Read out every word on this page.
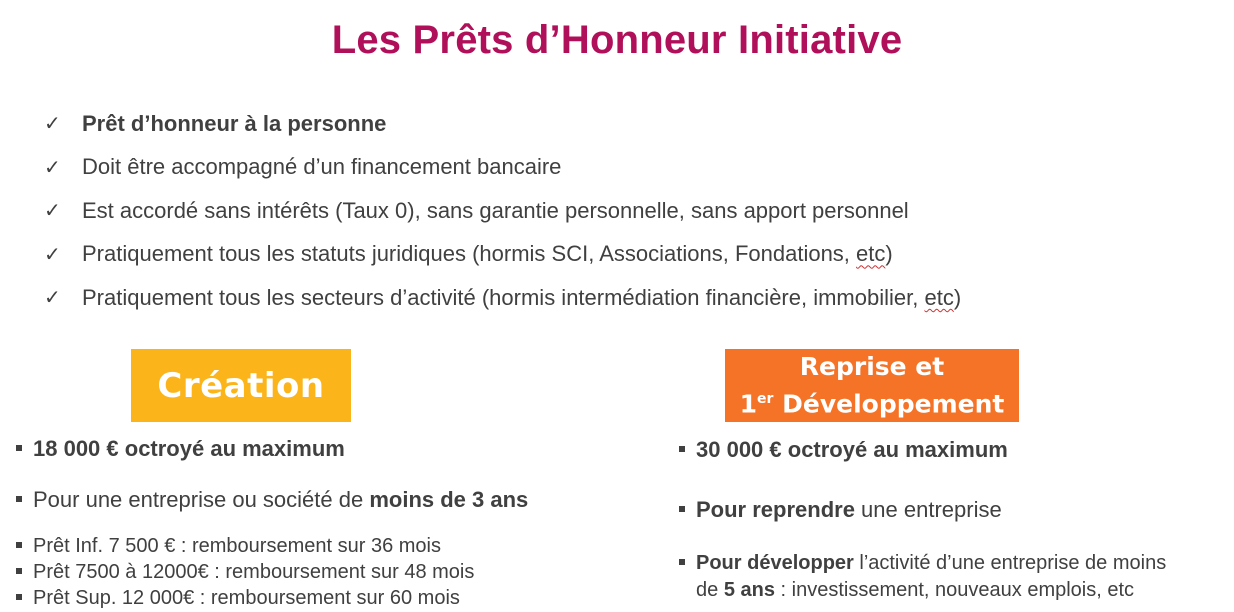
Les Prêts d’Honneur Initiative
✓ Prêt d’honneur à la personne
✓ Doit être accompagné d’un financement bancaire
✓ Est accordé sans intérêts (Taux 0), sans garantie personnelle, sans apport personnel
✓ Pratiquement tous les statuts juridiques (hormis SCI, Associations, Fondations, etc)
✓ Pratiquement tous les secteurs d’activité (hormis intermédiation financière, immobilier, etc)
Création	Reprise et
1er Développement
18 000 € octroyé au maximum
Pour une entreprise ou société de moins de 3 ans
Prêt Inf. 7 500 € : remboursement sur 36 mois
Prêt 7500 à 12000€ : remboursement sur 48 mois
Prêt Sup. 12 000€ : remboursement sur 60 mois
30 000 € octroyé au maximum
Pour reprendre une entreprise
Pour développer l’activité d’une entreprise de moins
de 5 ans : investissement, nouveaux emplois, etc
